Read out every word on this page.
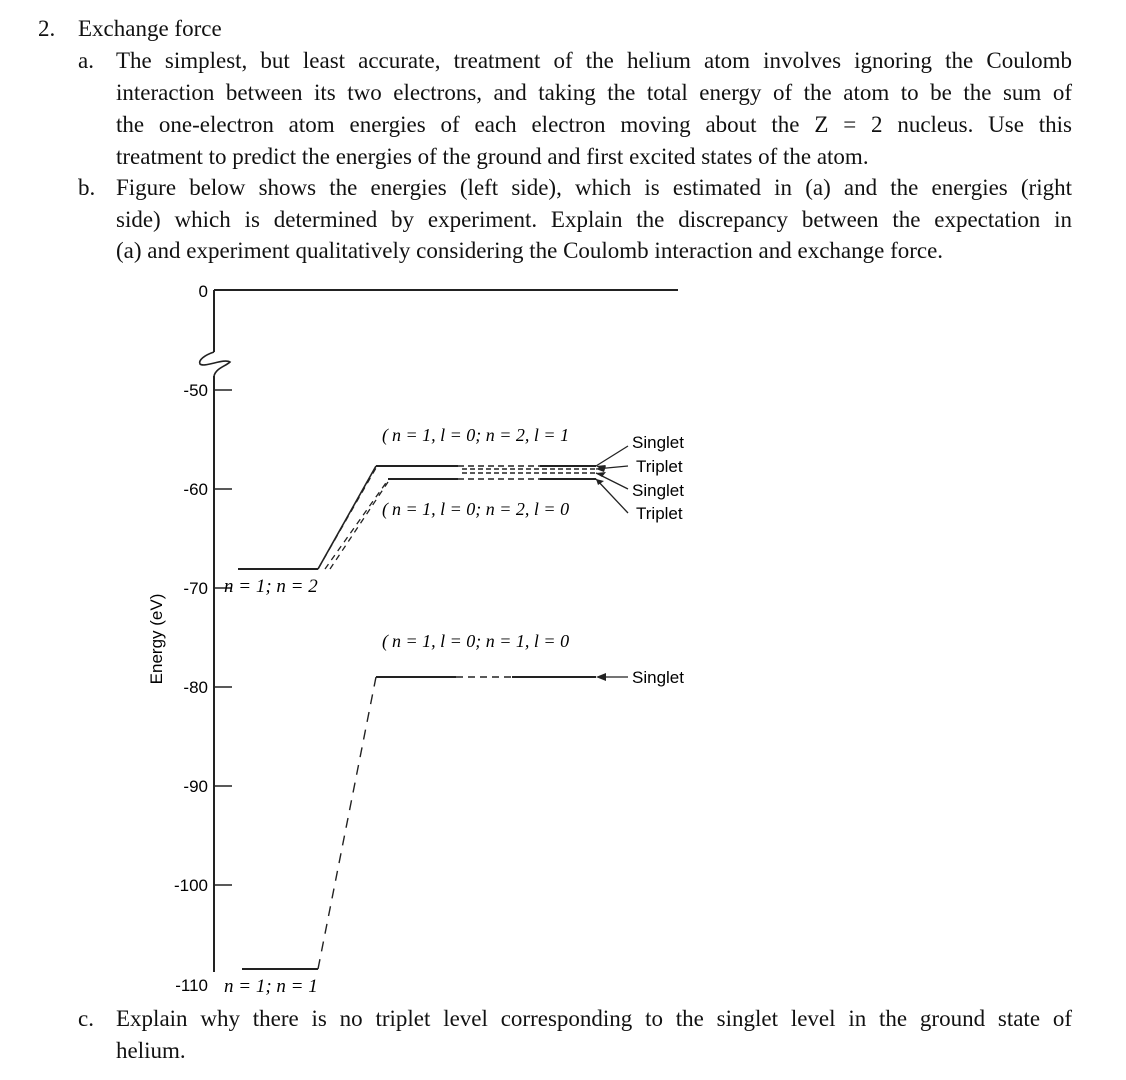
2. Exchange force
a. The simplest, but least accurate, treatment of the helium atom involves ignoring the Coulomb
interaction between its two electrons, and taking the total energy of the atom to be the sum of
the one-electron atom energies of each electron moving about the Z = 2 nucleus. Use this
treatment to predict the energies of the ground and first excited states of the atom.
b. Figure below shows the energies (left side), which is estimated in (a) and the energies (right
side) which is determined by experiment. Explain the discrepancy between the expectation in
(a) and experiment qualitatively considering the Coulomb interaction and exchange force.
0
-50
-60
-70
-80
-90
-100
-110
Energy (eV)
n = 1; n = 2
n = 1; n = 1
( n = 1, l = 0; n = 2, l = 1
( n = 1, l = 0; n = 2, l = 0
Singlet
Triplet
Singlet
Triplet
( n = 1, l = 0; n = 1, l = 0
Singlet
c. Explain why there is no triplet level corresponding to the singlet level in the ground state of
helium.
